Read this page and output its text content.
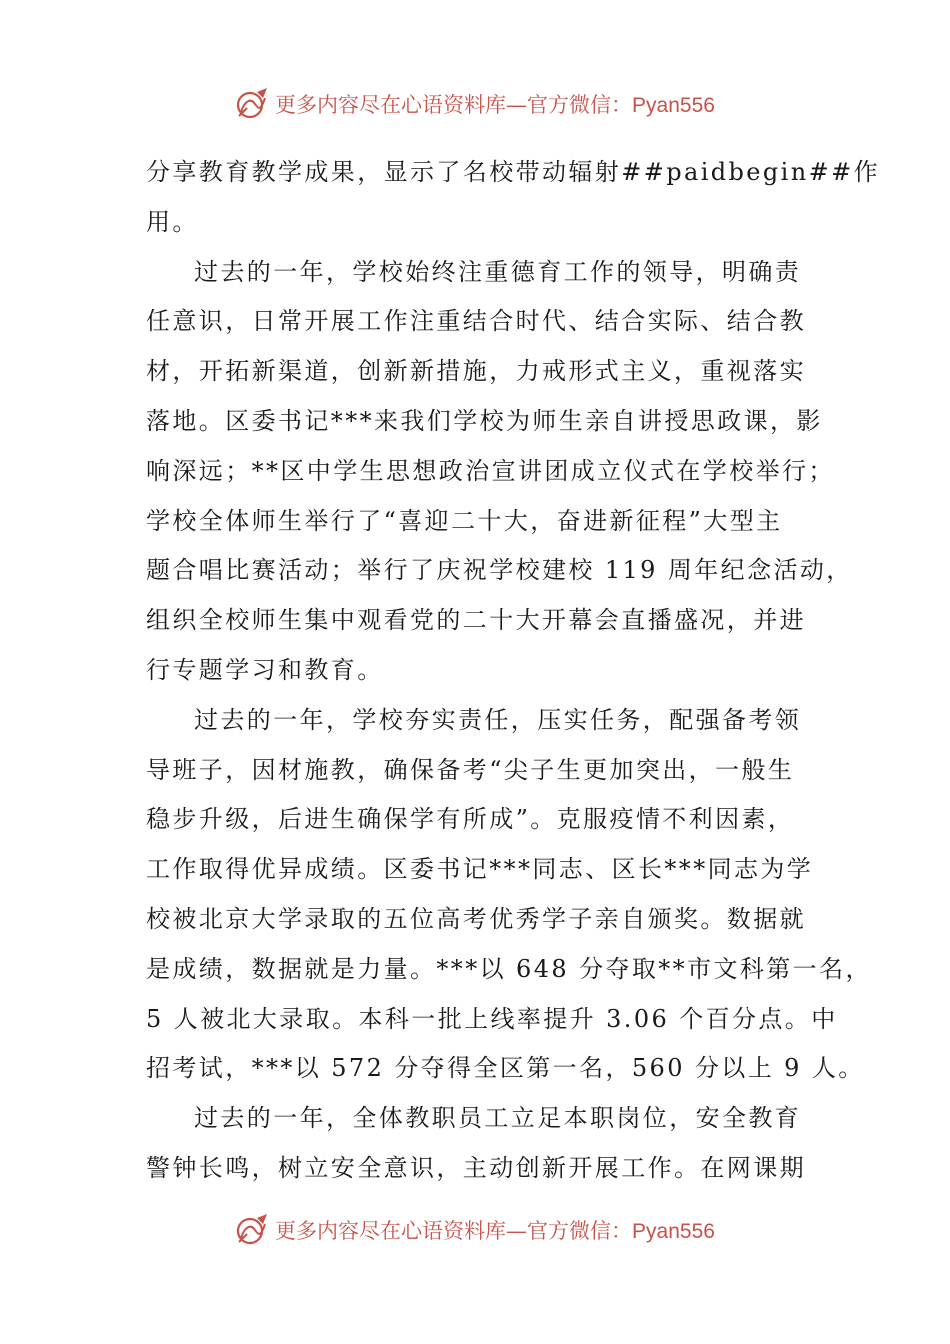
更多内容尽在心语资料库—官方微信：Pyan556
分享教育教学成果，显示了名校带动辐射##paidbegin##作
用。
过去的一年，学校始终注重德育工作的领导，明确责
任意识，日常开展工作注重结合时代、结合实际、结合教
材，开拓新渠道，创新新措施，力戒形式主义，重视落实
落地。区委书记***来我们学校为师生亲自讲授思政课，影
响深远；**区中学生思想政治宣讲团成立仪式在学校举行；
学校全体师生举行了“喜迎二十大，奋进新征程”大型主
题合唱比赛活动；举行了庆祝学校建校 119 周年纪念活动，
组织全校师生集中观看党的二十大开幕会直播盛况，并进
行专题学习和教育。
过去的一年，学校夯实责任，压实任务，配强备考领
导班子，因材施教，确保备考“尖子生更加突出，一般生
稳步升级，后进生确保学有所成”。克服疫情不利因素，
工作取得优异成绩。区委书记***同志、区长***同志为学
校被北京大学录取的五位高考优秀学子亲自颁奖。数据就
是成绩，数据就是力量。***以 648 分夺取**市文科第一名，
5 人被北大录取。本科一批上线率提升 3.06 个百分点。中
招考试，***以 572 分夺得全区第一名，560 分以上 9 人。
过去的一年，全体教职员工立足本职岗位，安全教育
警钟长鸣，树立安全意识，主动创新开展工作。在网课期
更多内容尽在心语资料库—官方微信：Pyan556
